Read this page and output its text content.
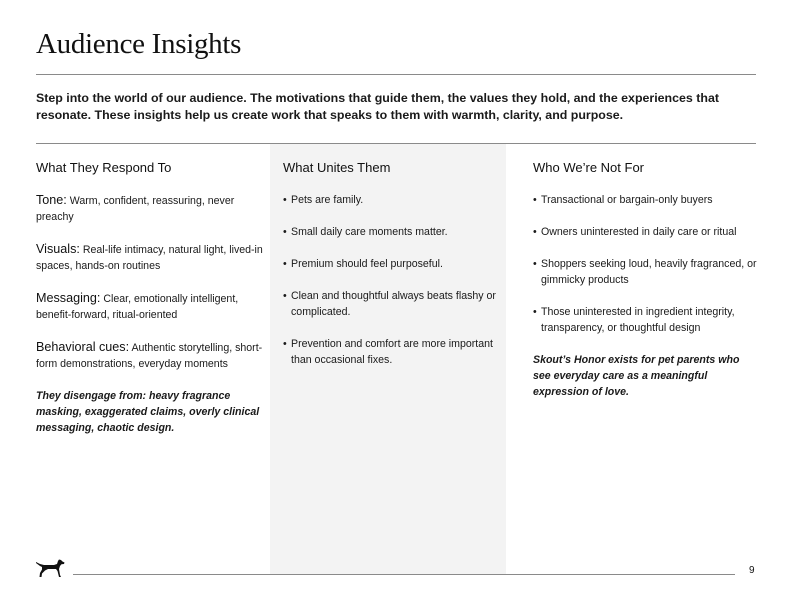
Audience Insights
Step into the world of our audience. The motivations that guide them, the values they hold, and the experiences that resonate. These insights help us create work that speaks to them with warmth, clarity, and purpose.
What They Respond To
Tone: Warm, confident, reassuring, never preachy
Visuals: Real-life intimacy, natural light, lived-in spaces, hands-on routines
Messaging: Clear, emotionally intelligent, benefit-forward, ritual-oriented
Behavioral cues: Authentic storytelling, short-form demonstrations, everyday moments
They disengage from: heavy fragrance masking, exaggerated claims, overly clinical messaging, chaotic design.
What Unites Them
• Pets are family.
• Small daily care moments matter.
• Premium should feel purposeful.
• Clean and thoughtful always beats flashy or complicated.
• Prevention and comfort are more important than occasional fixes.
Who We’re Not For
• Transactional or bargain-only buyers
• Owners uninterested in daily care or ritual
• Shoppers seeking loud, heavily fragranced, or gimmicky products
• Those uninterested in ingredient integrity, transparency, or thoughtful design
Skout’s Honor exists for pet parents who see everyday care as a meaningful expression of love.
9
